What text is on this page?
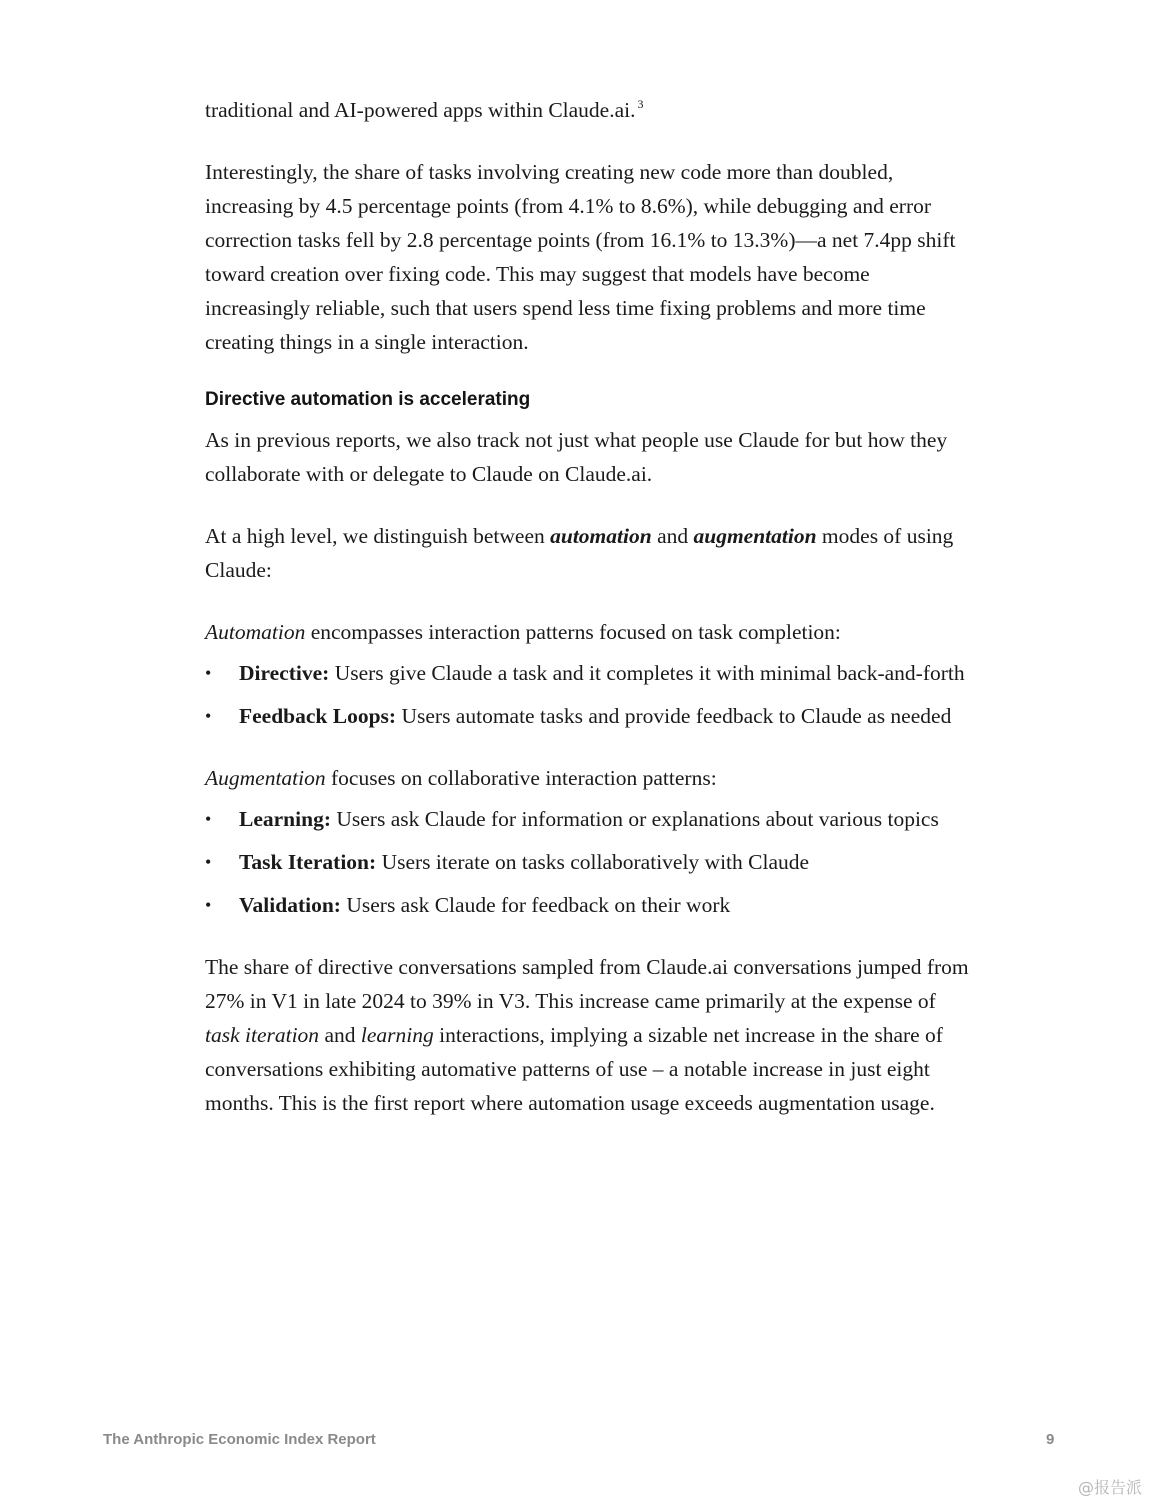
traditional and AI-powered apps within Claude.ai. $^3$

Interestingly, the share of tasks involving creating new code more than doubled, increasing by 4.5 percentage points (from 4.1% to 8.6%), while debugging and error correction tasks fell by 2.8 percentage points (from 16.1% to 13.3%)—a net 7.4pp shift toward creation over fixing code. This may suggest that models have become increasingly reliable, such that users spend less time fixing problems and more time creating things in a single interaction.

Directive automation is accelerating

As in previous reports, we also track not just what people use Claude for but how they collaborate with or delegate to Claude on Claude.ai.

At a high level, we distinguish between automation and augmentation modes of using Claude:

Automation encompasses interaction patterns focused on task completion:

• Directive: Users give Claude a task and it completes it with minimal back-and-forth
• Feedback Loops: Users automate tasks and provide feedback to Claude as needed

Augmentation focuses on collaborative interaction patterns:

• Learning: Users ask Claude for information or explanations about various topics
• Task Iteration: Users iterate on tasks collaboratively with Claude
• Validation: Users ask Claude for feedback on their work

The share of directive conversations sampled from Claude.ai conversations jumped from 27% in V1 in late 2024 to 39% in V3. This increase came primarily at the expense of task iteration and learning interactions, implying a sizable net increase in the share of conversations exhibiting automative patterns of use – a notable increase in just eight months. This is the first report where automation usage exceeds augmentation usage.

The Anthropic Economic Index Report	9
@报告派
